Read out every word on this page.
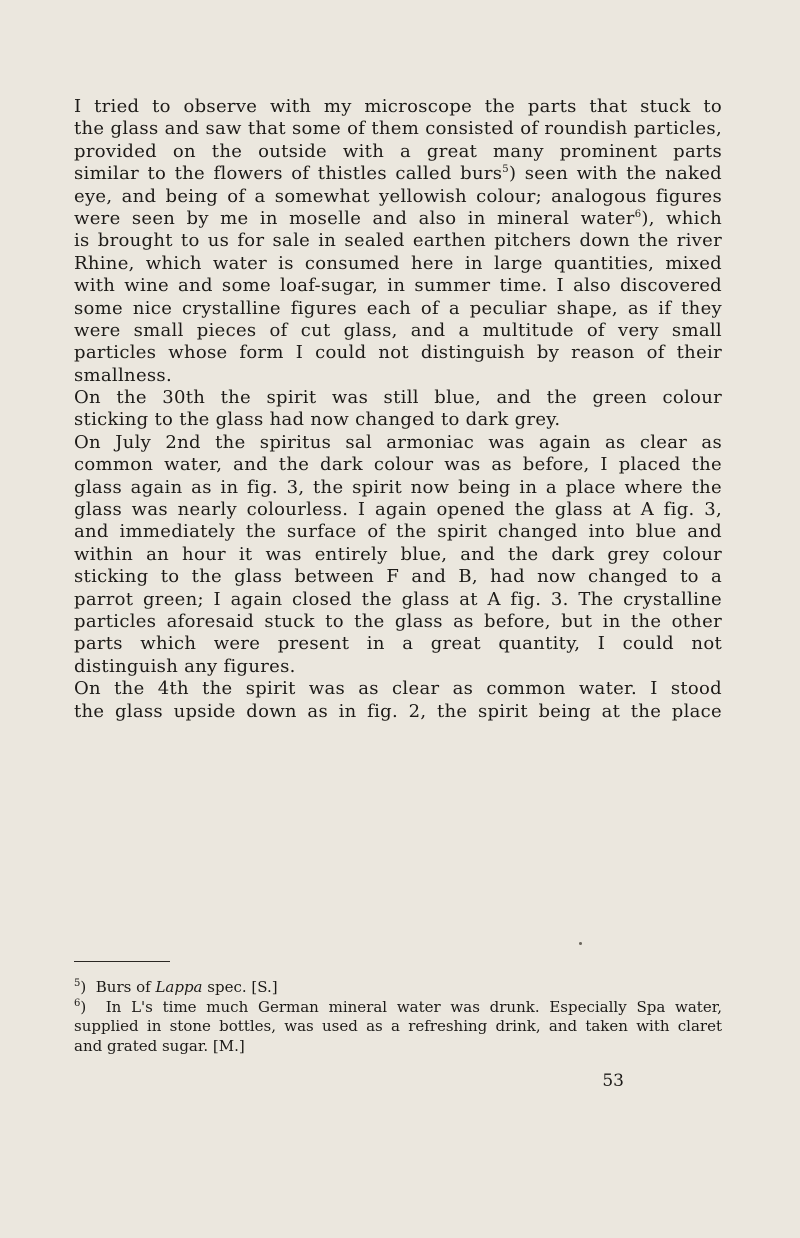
I tried to observe with my microscope the parts that stuck to
the glass and saw that some of them consisted of roundish particles,
provided on the outside with a great many prominent parts
similar to the flowers of thistles called burs$^5$) seen with the naked
eye, and being of a somewhat yellowish colour; analogous figures
were seen by me in moselle and also in mineral water$^6$), which
is brought to us for sale in sealed earthen pitchers down the river
Rhine, which water is consumed here in large quantities, mixed
with wine and some loaf-sugar, in summer time. I also discovered
some nice crystalline figures each of a peculiar shape, as if they
were small pieces of cut glass, and a multitude of very small
particles whose form I could not distinguish by reason of their
smallness.
On the 30th the spirit was still blue, and the green colour
sticking to the glass had now changed to dark grey.
On July 2nd the spiritus sal armoniac was again as clear as
common water, and the dark colour was as before, I placed the
glass again as in fig. 3, the spirit now being in a place where the
glass was nearly colourless. I again opened the glass at A fig. 3,
and immediately the surface of the spirit changed into blue and
within an hour it was entirely blue, and the dark grey colour
sticking to the glass between F and B, had now changed to a
parrot green; I again closed the glass at A fig. 3. The crystalline
particles aforesaid stuck to the glass as before, but in the other
parts which were present in a great quantity, I could not
distinguish any figures.
On the 4th the spirit was as clear as common water. I stood
the glass upside down as in fig. 2, the spirit being at the place
$^5$) Burs of Lappa spec. [S.]
$^6$) In L's time much German mineral water was drunk. Especially Spa water,
supplied in stone bottles, was used as a refreshing drink, and taken with claret
and grated sugar. [M.]
53
